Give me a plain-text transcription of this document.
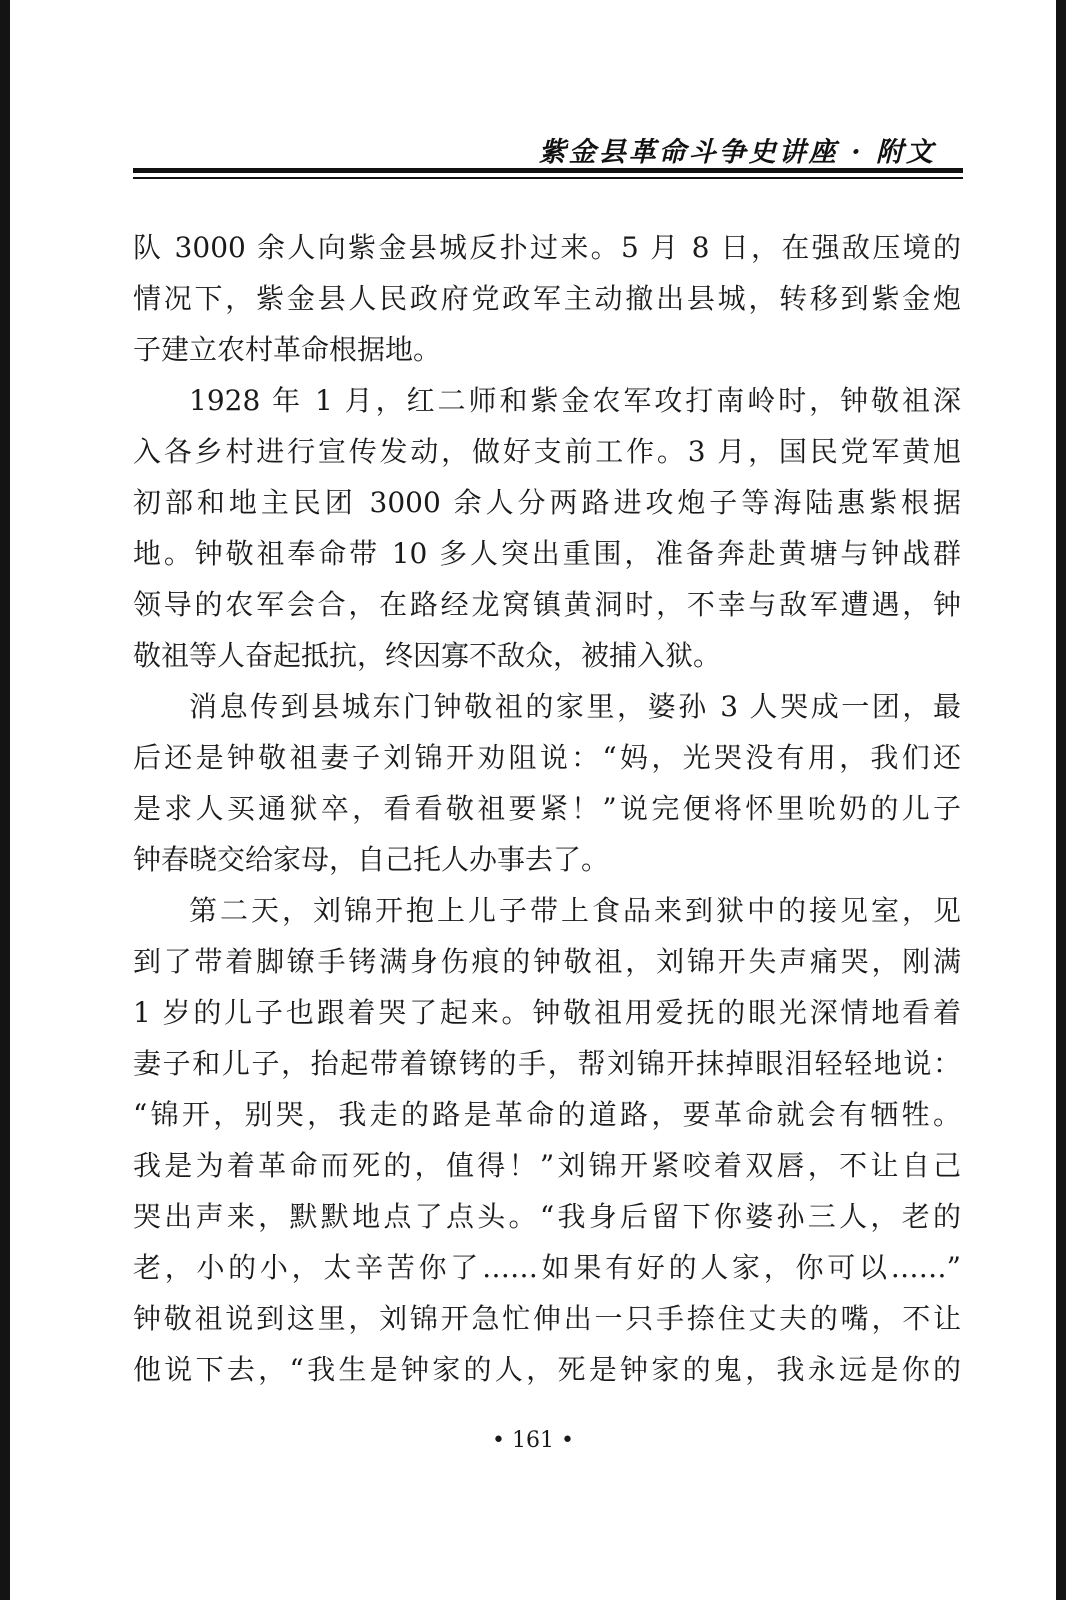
紫金县革命斗争史讲座 · 附文
队 3000 余人向紫金县城反扑过来。5 月 8 日，在强敌压境的
情况下，紫金县人民政府党政军主动撤出县城，转移到紫金炮
子建立农村革命根据地。
1928 年 1 月，红二师和紫金农军攻打南岭时，钟敬祖深
入各乡村进行宣传发动，做好支前工作。3 月，国民党军黄旭
初部和地主民团 3000 余人分两路进攻炮子等海陆惠紫根据
地。钟敬祖奉命带 10 多人突出重围，准备奔赴黄塘与钟战群
领导的农军会合，在路经龙窝镇黄洞时，不幸与敌军遭遇，钟
敬祖等人奋起抵抗，终因寡不敌众，被捕入狱。
消息传到县城东门钟敬祖的家里，婆孙 3 人哭成一团，最
后还是钟敬祖妻子刘锦开劝阻说：“妈，光哭没有用，我们还
是求人买通狱卒，看看敬祖要紧！”说完便将怀里吮奶的儿子
钟春晓交给家母，自己托人办事去了。
第二天，刘锦开抱上儿子带上食品来到狱中的接见室，见
到了带着脚镣手铐满身伤痕的钟敬祖，刘锦开失声痛哭，刚满
1 岁的儿子也跟着哭了起来。钟敬祖用爱抚的眼光深情地看着
妻子和儿子，抬起带着镣铐的手，帮刘锦开抹掉眼泪轻轻地说：
“锦开，别哭，我走的路是革命的道路，要革命就会有牺牲。
我是为着革命而死的，值得！”刘锦开紧咬着双唇，不让自己
哭出声来，默默地点了点头。“我身后留下你婆孙三人，老的
老，小的小，太辛苦你了……如果有好的人家，你可以……”
钟敬祖说到这里，刘锦开急忙伸出一只手捺住丈夫的嘴，不让
他说下去，“我生是钟家的人，死是钟家的鬼，我永远是你的
• 161 •
